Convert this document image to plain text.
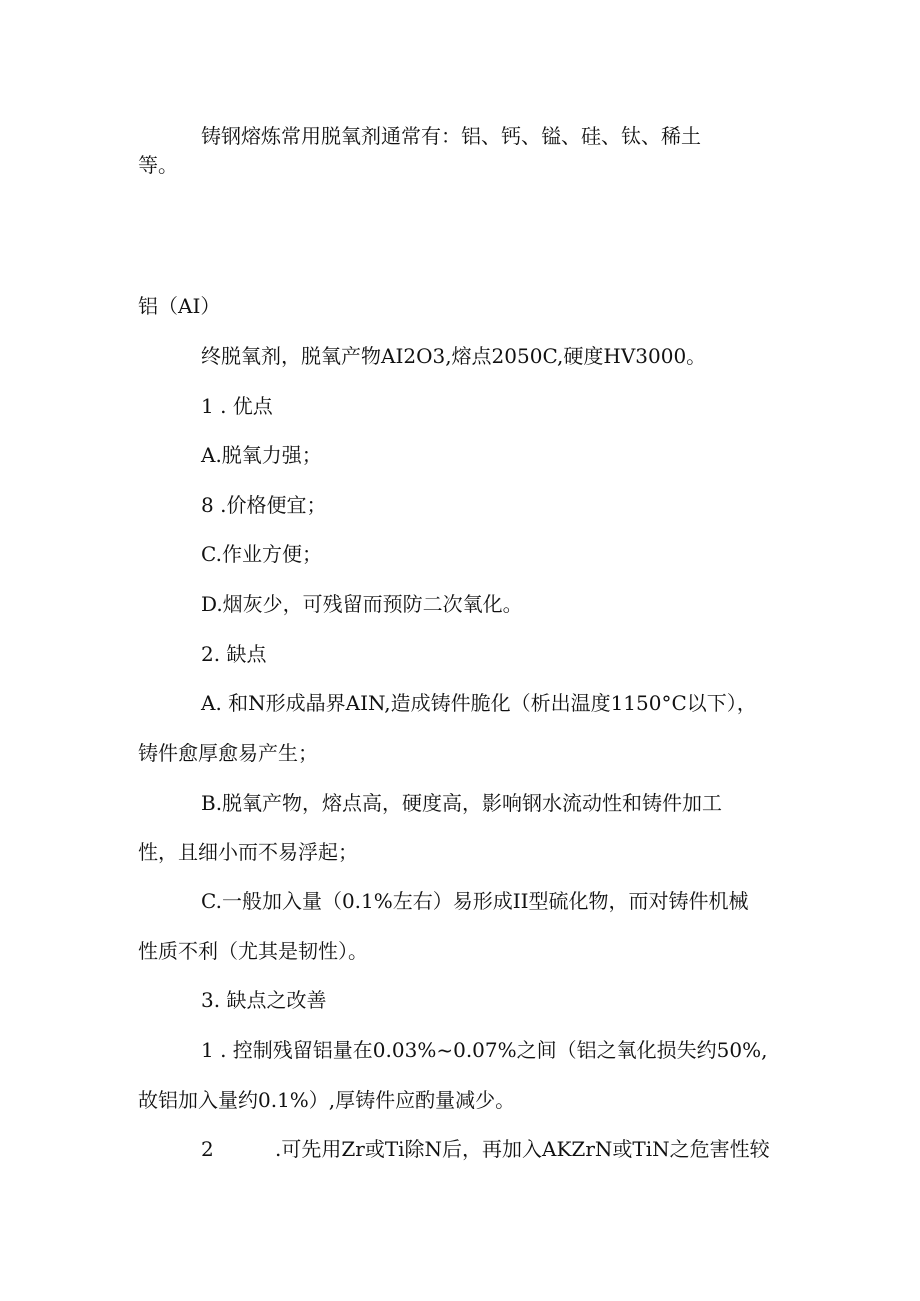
铸钢熔炼常用脱氧剂通常有：铝、钙、镒、硅、钛、稀土
等。
铝（AI）
终脱氧剂，脱氧产物AI2O3,熔点2050C,硬度HV3000。
1 . 优点
A.脱氧力强；
8 .价格便宜；
C.作业方便；
D.烟灰少，可残留而预防二次氧化。
2. 缺点
A. 和N形成晶界AIN,造成铸件脆化（析出温度1150°C以下），
铸件愈厚愈易产生；
B.脱氧产物，熔点高，硬度高，影响钢水流动性和铸件加工
性，且细小而不易浮起；
C.一般加入量（0.1%左右）易形成II型硫化物，而对铸件机械
性质不利（尤其是韧性）。
3. 缺点之改善
1 . 控制残留铝量在0.03%~0.07%之间（铝之氧化损失约50%,
故铝加入量约0.1%）,厚铸件应酌量减少。
2	.可先用Zr或Ti除N后，再加入AKZrN或TiN之危害性较
